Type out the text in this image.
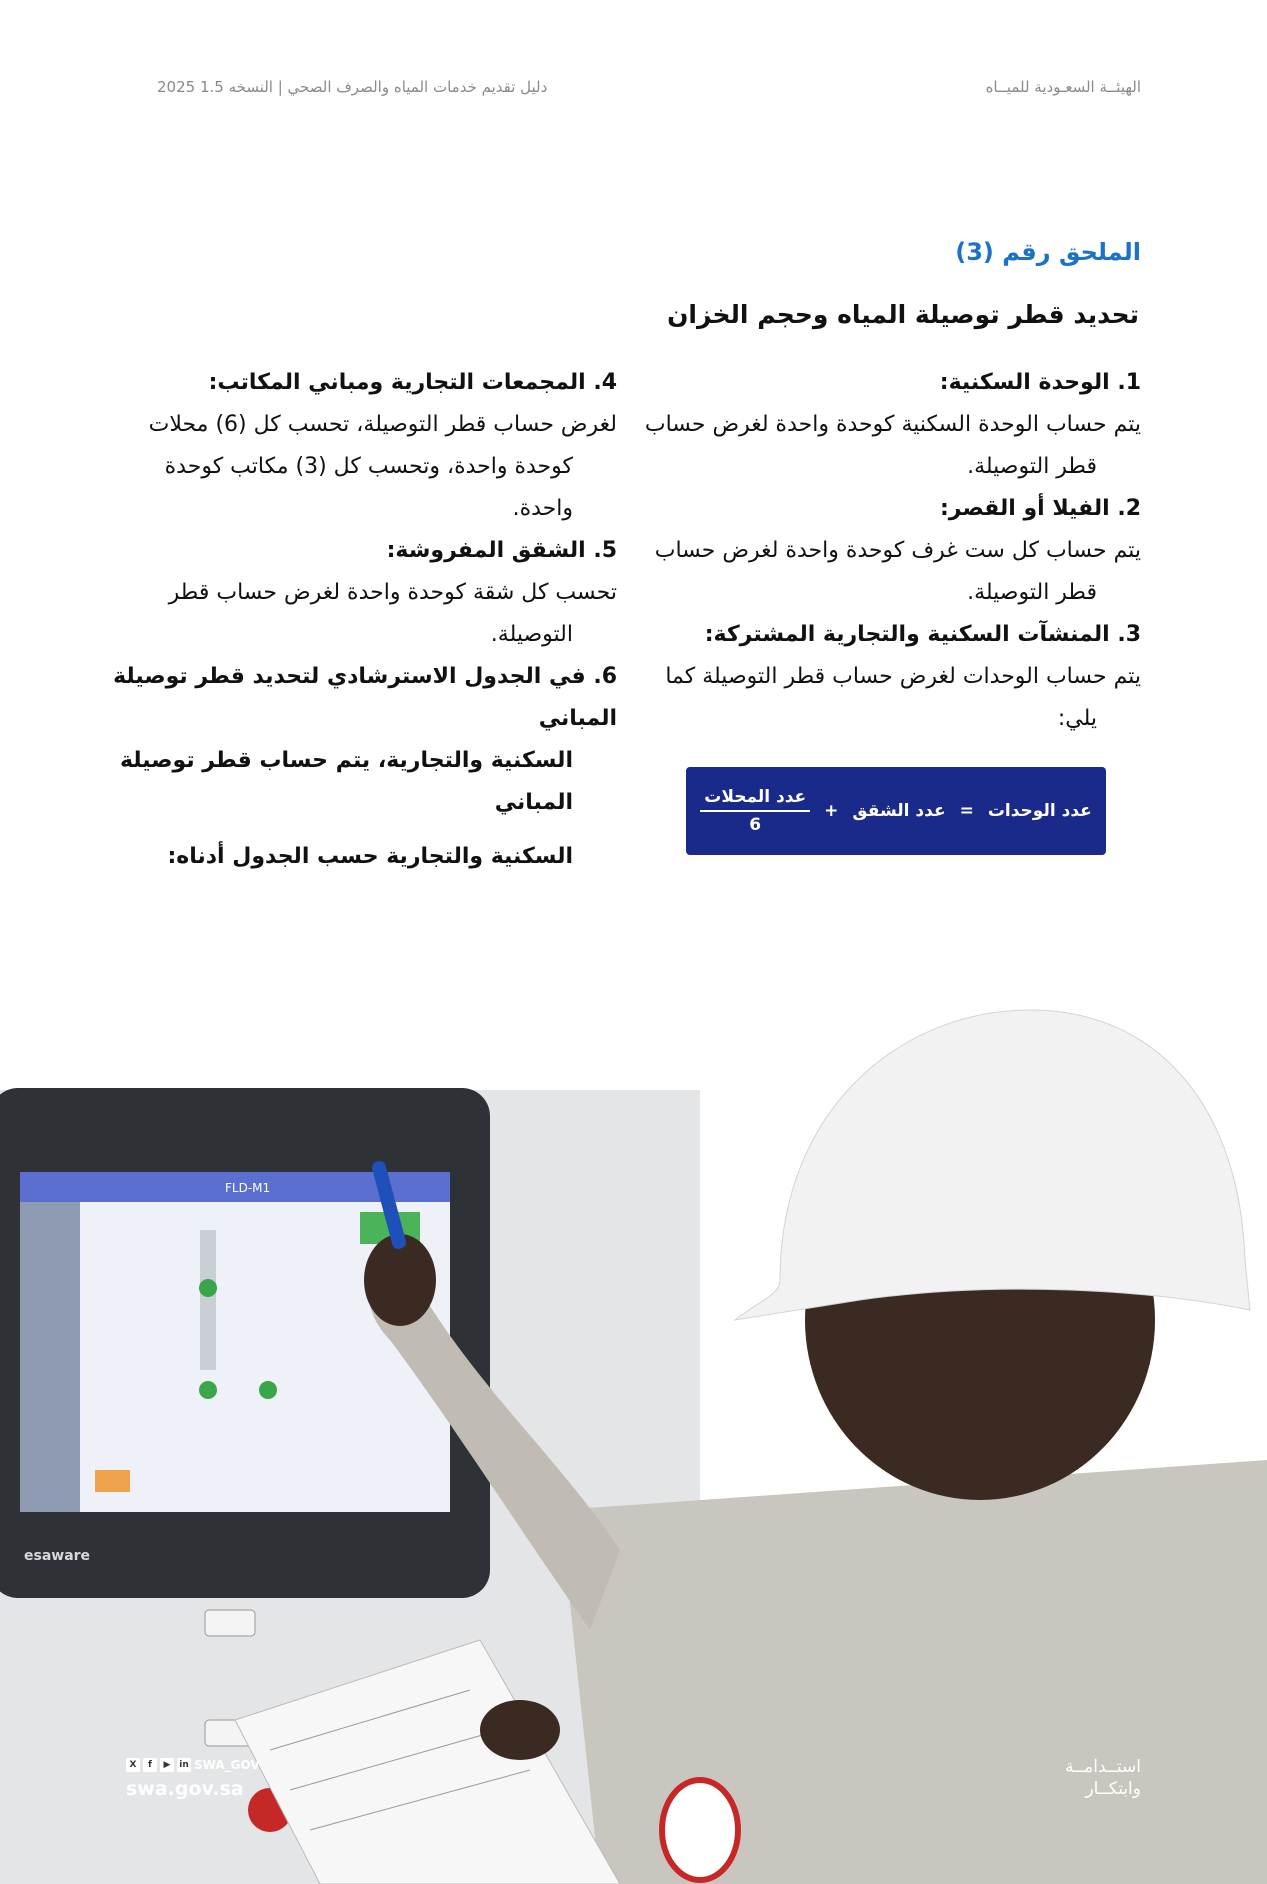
الهيئــة السعـودية للميــاه
دليل تقديم خدمات المياه والصرف الصحي | النسخه 1.5 2025
الملحق رقم (3)
تحديد قطر توصيلة المياه وحجم الخزان
1. الوحدة السكنية:
يتم حساب الوحدة السكنية كوحدة واحدة لغرض حساب
قطر التوصيلة.
2. الفيلا أو القصر:
يتم حساب كل ست غرف كوحدة واحدة لغرض حساب
قطر التوصيلة.
3. المنشآت السكنية والتجارية المشتركة:
يتم حساب الوحدات لغرض حساب قطر التوصيلة كما
يلي:
4. المجمعات التجارية ومباني المكاتب:
لغرض حساب قطر التوصيلة، تحسب كل (6) محلات
كوحدة واحدة، وتحسب كل (3) مكاتب كوحدة
واحدة.
5. الشقق المفروشة:
تحسب كل شقة كوحدة واحدة لغرض حساب قطر
التوصيلة.
6. في الجدول الاسترشادي لتحديد قطر توصيلة المباني
السكنية والتجارية، يتم حساب قطر توصيلة المباني
السكنية والتجارية حسب الجدول أدناه:
عدد الوحدات
=
عدد الشقق
+
$\frac{\text{عدد المحلات}}{6}$
FLD-M1
esaware
استــدامــة
وابتكــار
X	f	▶ in SWA_GOV
swa.gov.sa
